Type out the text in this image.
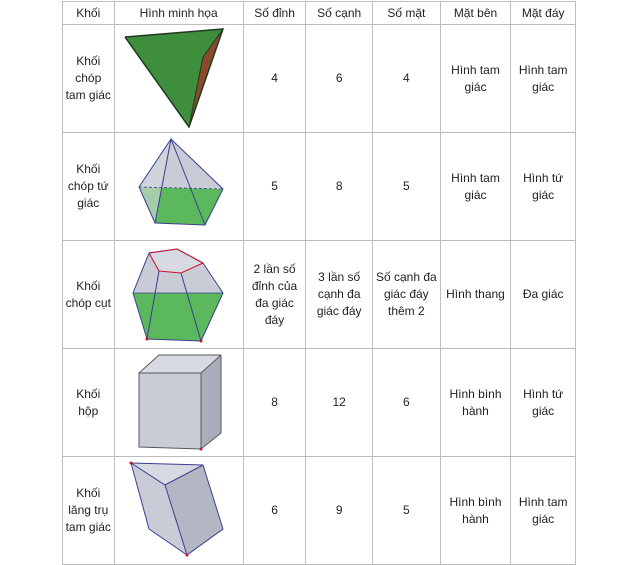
Khối	Hình minh họa	Số đỉnh	Số cạnh	Số mặt	Mặt bên	Mặt đáy
Khối chóp tam giác		4	6	4	Hình tam giác	Hình tam giác
Khối chóp tứ giác		5	8	5	Hình tam giác	Hình tứ giác
Khối chóp cụt		2 lần số đỉnh của đa giác đáy	3 lần số cạnh đa giác đáy	Số cạnh đa giác đáy thêm 2	Hình thang	Đa giác
Khối hộp		8	12	6	Hình bình hành	Hình tứ giác
Khối lăng trụ tam giác		6	9	5	Hình bình hành	Hình tam giác
